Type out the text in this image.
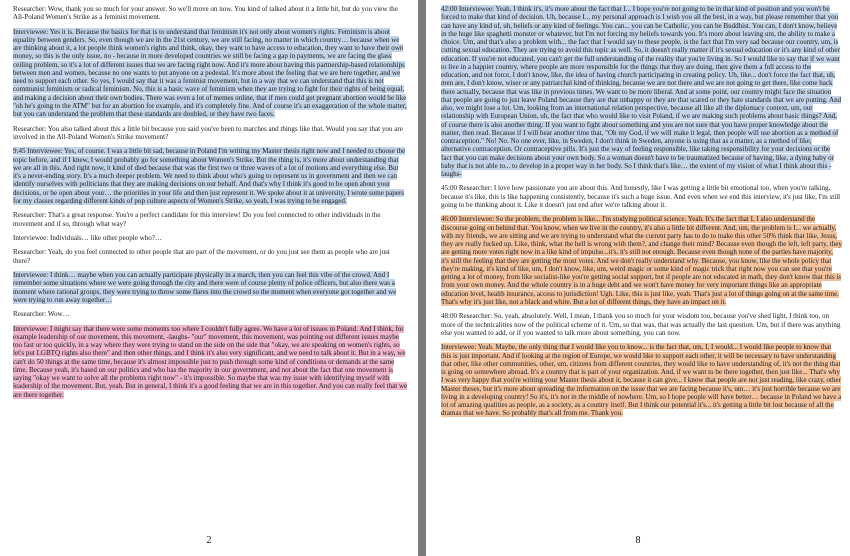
Researcher: Wow, thank you so much for your answer. So we'll move on now. You kind of talked about it a little bit, but do you view the All-Poland Women's Strike as a feminist movement.

Interviewee: Yes it is. Because the basics for that is to understand that feminism it's not only about women's rights. Feminism is about equality between genders. So, even though we are in the 21st century, we are still facing, no matter in which country… because when we are thinking about it, a lot people think women's rights and think, okay, they want to have access to education, they want to have their own money, so this is the only issue, no - because in more developed countries we still be facing a gap in payments, we are facing the glass ceiling problem, so it's a lot of different issues that we are facing right now. And it's more about having this partnership-based relationships between men and women, because no one wants to put anyone on a pedestal. It's more about the feeling that we are here together, and we need to support each other. So yes, I would say that it was a feminist movement, but in a way that we can understand that this is not communist feminism or radical feminism. No, this is a basic wave of feminism when they are trying to fight for their rights of being equal, and making a decision about their own bodies. There was even a lot of memes online, that if men could get pregnant abortion would be like "oh he's going to the ATM" but for an abortion for example, and it's completely fine. And of course it's an exaggeration of the whole matter, but you can understand the problem that these standards are doubled, or they have two faces.

Researcher: You also talked about this a little bit because you said you've been to marches and things like that. Would you say that you are involved in the All-Poland Women's Strike movement?

9:45 Interviewee: Yes, of course. I was a little bit sad, because in Poland I'm writing my Master thesis right now and I needed to choose the topic before, and if I knew, I would probably go for something about Women's Strike. But the thing is, it's more about understanding that we are all in this. And right now, it kind of died because that was the first two or three waves of a lot of motions and everything else. But it's a never-ending story. It's a much deeper problem. We need to think about who's going to represent us in government and then we can identify ourselves with politicians that they are making decisions on our behalf. And that's why I think it's good to be open about your decisions, or be open about your… the priorities in your life and then just represent it. We spoke about it at university, I wrote some papers for my classes regarding different kinds of pop culture aspects of Women's Strike, so yeah, I was trying to be engaged.

Researcher: That's a great response. You're a perfect candidate for this interview! Do you feel connected to other individuals in the movement and if so, through what way?

Interviewee: Individuals… like other people who?…

Researcher: Yeah, do you feel connected to other people that are part of the movement, or do you just see them as people who are just there?

Interviewee: I think… maybe when you can actually participate physically in a march, then you can feel this vibe of the crowd. And I remember some situations where we were going through the city and there were of course plenty of police officers, but also there was a moment where rational groups, they were trying to throw some flares into the crowd so the moment when everyone got together and we were trying to run away together…

Researcher: Wow…

Interviewee: I might say that there were some moments too where I couldn't fully agree. We have a lot of issues in Poland. And I think, for example leadership of our movement, this movement, -laughs- "our" movement, this movement, was pointing out different issues maybe too fast or too quickly, in a way where they were trying to stand on the side on the side that "okay, we are speaking on women's rights, so let's put LGBTQ rights also there" and then other things, and I think it's also very significant, and we need to talk about it. But in a way, we can't do 50 things at the same time, because it's almost impossible just to push through some kind of conditions or demands at the same time. Because yeah, it's based on our politics and who has the majority in our government, and not about the fact that one movement is saying "okay we want to solve all the problems right now" - it's impossible. So maybe that was my issue with identifying myself with leadership of the movement. But, yeah. But in general, I think it's a good feeling that we are in this together. And you can really feel that we are there together.

2

42:00 Interviewee: Yeah, I think it's, it's more about the fact that I... I hope you're not going to be in that kind of position and you won't be forced to make that kind of decision. Uh, because I... my personal approach is I wish you all the best, in a way, but please remember that you can have any kind of, uh, beliefs or any kind of feelings. You can... you can be Catholic, you can be Buddhist. You can, I don't know, believe in the huge like spaghetti monster or whatever, but I'm not forcing my beliefs towards you. It's more about leaving um, the ability to make a choice. Um, and that's also a problem with... the fact that I would say to these people, is the fact that I'm very sad because our country, um, is cutting sexual education. They are trying to avoid this topic as well. So, it doesn't really matter if it's sexual education or it's any kind of other education. If you're not educated, you can't get the full understanding of the reality that you're living in. So I would like to say that if we want to live in a happier country, where people are more responsible for the things that they are doing, then give them a full access to the education, and not force, I don't know, like, the idea of having church participating in creating policy. Uh, like... don't force the fact that, uh, men are, I don't know, wiser or any patriarchal kind of thinking, because we are not there and we are not going to get there, like come back there actually, because that was like in previous times. We want to be more liberal. And at some point, our country might face the situation that people are going to just leave Poland because they are that unhappy or they are that scared or they hate standards that we are putting. And also, we might lose a lot. Um, looking from an international relation perspective, because all like all the diplomacy context, um, our relationship with European Union, uh, the fact that who would like to visit Poland, if we are making such problems about basic things? And, of course there is also another thing: If you want to fight about something and you are not sure that you have proper knowledge about the matter, then read. Because if I will hear another time that, "Oh my God, if we will make it legal, then people will use abortion as a method of contraception." No! No. No one ever, like, in Sweden, I don't think in Sweden, anyone is using that as a matter, as a method of like, alternative contraception. Or contraceptive pills. It's just the way of feeling responsible, like taking responsibility for your decisions or the fact that you can make decisions about your own body. So a woman doesn't have to be traumatized because of having, like, a dying baby or baby that is not able to... to develop in a proper way in her body. So I think that's like… the extent of my vision of what I think about this -laughs-

45:00 Researcher: I love how passionate you are about this. And honestly, like I was getting a little bit emotional too, when you're talking, because it's like, this is like happening consistently, because it's such a huge issue. And even when we end this interview, it's just like, I'm still going to be thinking about it. Like it doesn't just end after we're talking about it.

46:00 Interviewee: So the problem, the problem is like... I'm studying political science. Yeah. It's the fact that I, I also understand the discourse going on behind that. You know, when we live in the country, it's also a little bit different. And, um, the problem is I... we actually, with my friends, we are sitting and we are trying to understand what the current party has to do to make this other 50% think that like, Jesus, they are really fucked up. Like, think, what the hell is wrong with them?, and change their mind? Because even though the left, left party, they are getting more votes right now in a like kind of impulse...it's, it's still not enough. Because even though none of the parties have majority, it's still the feeling that they are getting the most votes. And we don't really understand why. Because, you know, like the whole policy that they're making, it's kind of like, um, I don't know, like, um, weird magic or some kind of magic trick that right now you can see that you're getting a lot of money, from like socialist-like you're getting social support, but if people are not educated in math, they don't know that this is from your own money. And the whole country is in a huge debt and we won't have money for very important things like an appropriate education level, health insurance, access to jurisdiction! Ugh. Like, this is just like, yeah. That's just a lot of things going on at the same time. That's why it's just like, not a black and white. But a lot of different things, they have an impact on it.

48:00 Researcher: So, yeah, absolutely. Well, I mean, I thank you so much for your wisdom too, because you've shed light, I think too, on more of the technicalities now of the political scheme of it. Um, so that was, that was actually the last question. Um, but if there was anything else you wanted to add, or if you wanted to talk more about something, you can now.

Interviewee: Yeah. Maybe, the only thing that I would like you to know... is the fact that, um, I, I would... I would like people to know that this is just important. And if looking at the region of Europe, we would like to support each other, it will be necessary to have understanding that other, like other communities, other, um, citizens from different countries, they would like to have understanding of, it's not the thing that is going on somewhere abroad. It's a country that is part of your organization. And, if we want to be there together, then just like... That's why I was very happy that you're writing your Master thesis about it, because it can give... I know that people are not just reading, like crazy, other Master theses, but it's more about spreading the information on the issue that we are facing because it's, um… it's just horrible because we are living in a developing country! So it's, it's not in the middle of nowhere. Um, so I hope people will have better… because in Poland we have a lot of amazing qualities as people, as a society, as a country itself. But I think our potential it's... it's getting a little bit lost because of all the dramas that we have. So probably that's all from me. Thank you.

8
